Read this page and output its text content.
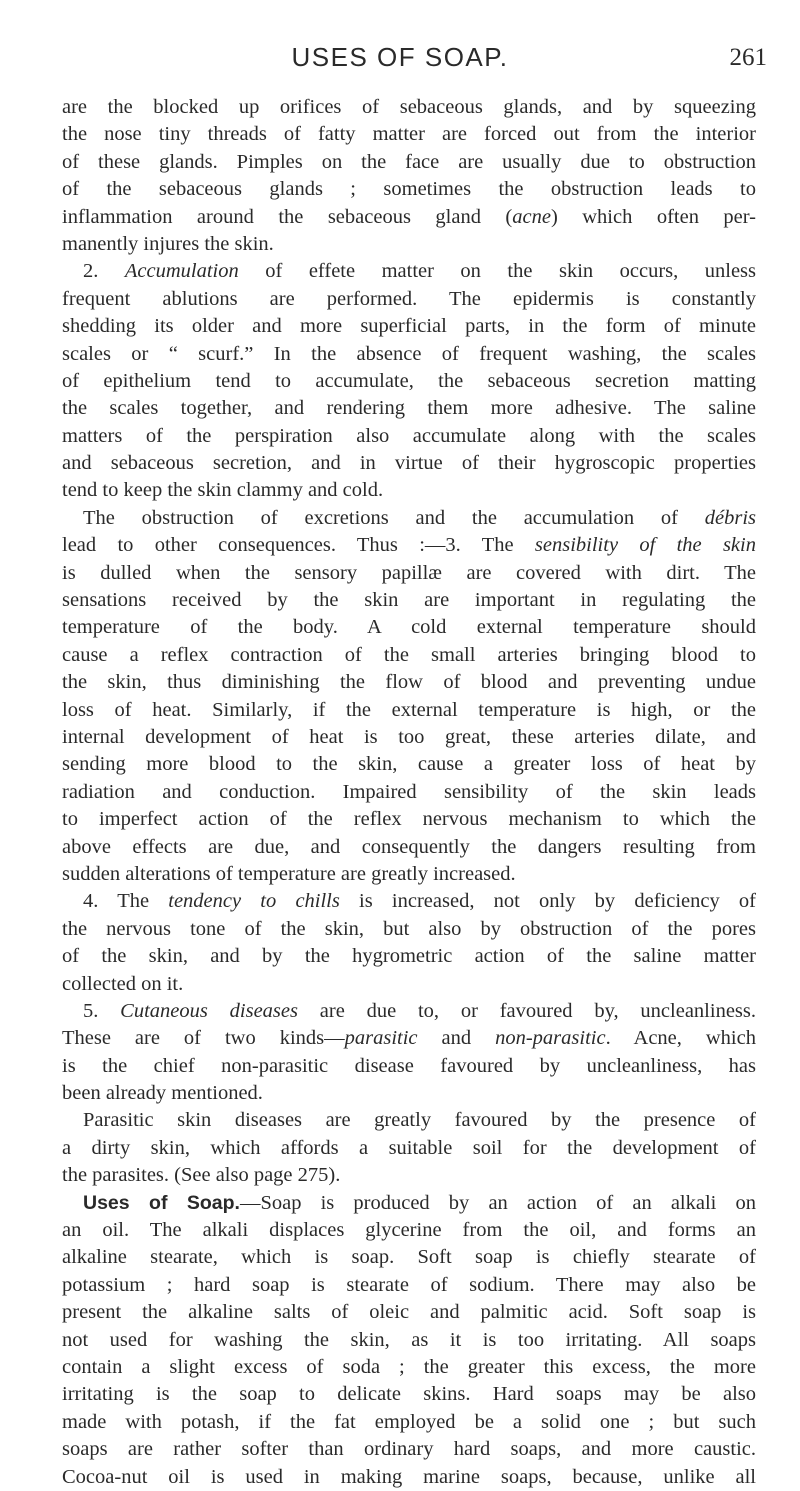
USES OF SOAP.	261
are the blocked up orifices of sebaceous glands, and by squeezing
the nose tiny threads of fatty matter are forced out from the interior
of these glands. Pimples on the face are usually due to obstruction
of the sebaceous glands ; sometimes the obstruction leads to
inflammation around the sebaceous gland (acne) which often per-
manently injures the skin.
2. Accumulation of effete matter on the skin occurs, unless
frequent ablutions are performed. The epidermis is constantly
shedding its older and more superficial parts, in the form of minute
scales or “ scurf.” In the absence of frequent washing, the scales
of epithelium tend to accumulate, the sebaceous secretion matting
the scales together, and rendering them more adhesive. The saline
matters of the perspiration also accumulate along with the scales
and sebaceous secretion, and in virtue of their hygroscopic properties
tend to keep the skin clammy and cold.
The obstruction of excretions and the accumulation of débris
lead to other consequences. Thus :—3. The sensibility of the skin
is dulled when the sensory papillæ are covered with dirt. The
sensations received by the skin are important in regulating the
temperature of the body. A cold external temperature should
cause a reflex contraction of the small arteries bringing blood to
the skin, thus diminishing the flow of blood and preventing undue
loss of heat. Similarly, if the external temperature is high, or the
internal development of heat is too great, these arteries dilate, and
sending more blood to the skin, cause a greater loss of heat by
radiation and conduction. Impaired sensibility of the skin leads
to imperfect action of the reflex nervous mechanism to which the
above effects are due, and consequently the dangers resulting from
sudden alterations of temperature are greatly increased.
4. The tendency to chills is increased, not only by deficiency of
the nervous tone of the skin, but also by obstruction of the pores
of the skin, and by the hygrometric action of the saline matter
collected on it.
5. Cutaneous diseases are due to, or favoured by, uncleanliness.
These are of two kinds—parasitic and non-parasitic. Acne, which
is the chief non-parasitic disease favoured by uncleanliness, has
been already mentioned.
Parasitic skin diseases are greatly favoured by the presence of
a dirty skin, which affords a suitable soil for the development of
the parasites. (See also page 275).
Uses of Soap.—Soap is produced by an action of an alkali on
an oil. The alkali displaces glycerine from the oil, and forms an
alkaline stearate, which is soap. Soft soap is chiefly stearate of
potassium ; hard soap is stearate of sodium. There may also be
present the alkaline salts of oleic and palmitic acid. Soft soap is
not used for washing the skin, as it is too irritating. All soaps
contain a slight excess of soda ; the greater this excess, the more
irritating is the soap to delicate skins. Hard soaps may be also
made with potash, if the fat employed be a solid one ; but such
soaps are rather softer than ordinary hard soaps, and more caustic.
Cocoa-nut oil is used in making marine soaps, because, unlike all
